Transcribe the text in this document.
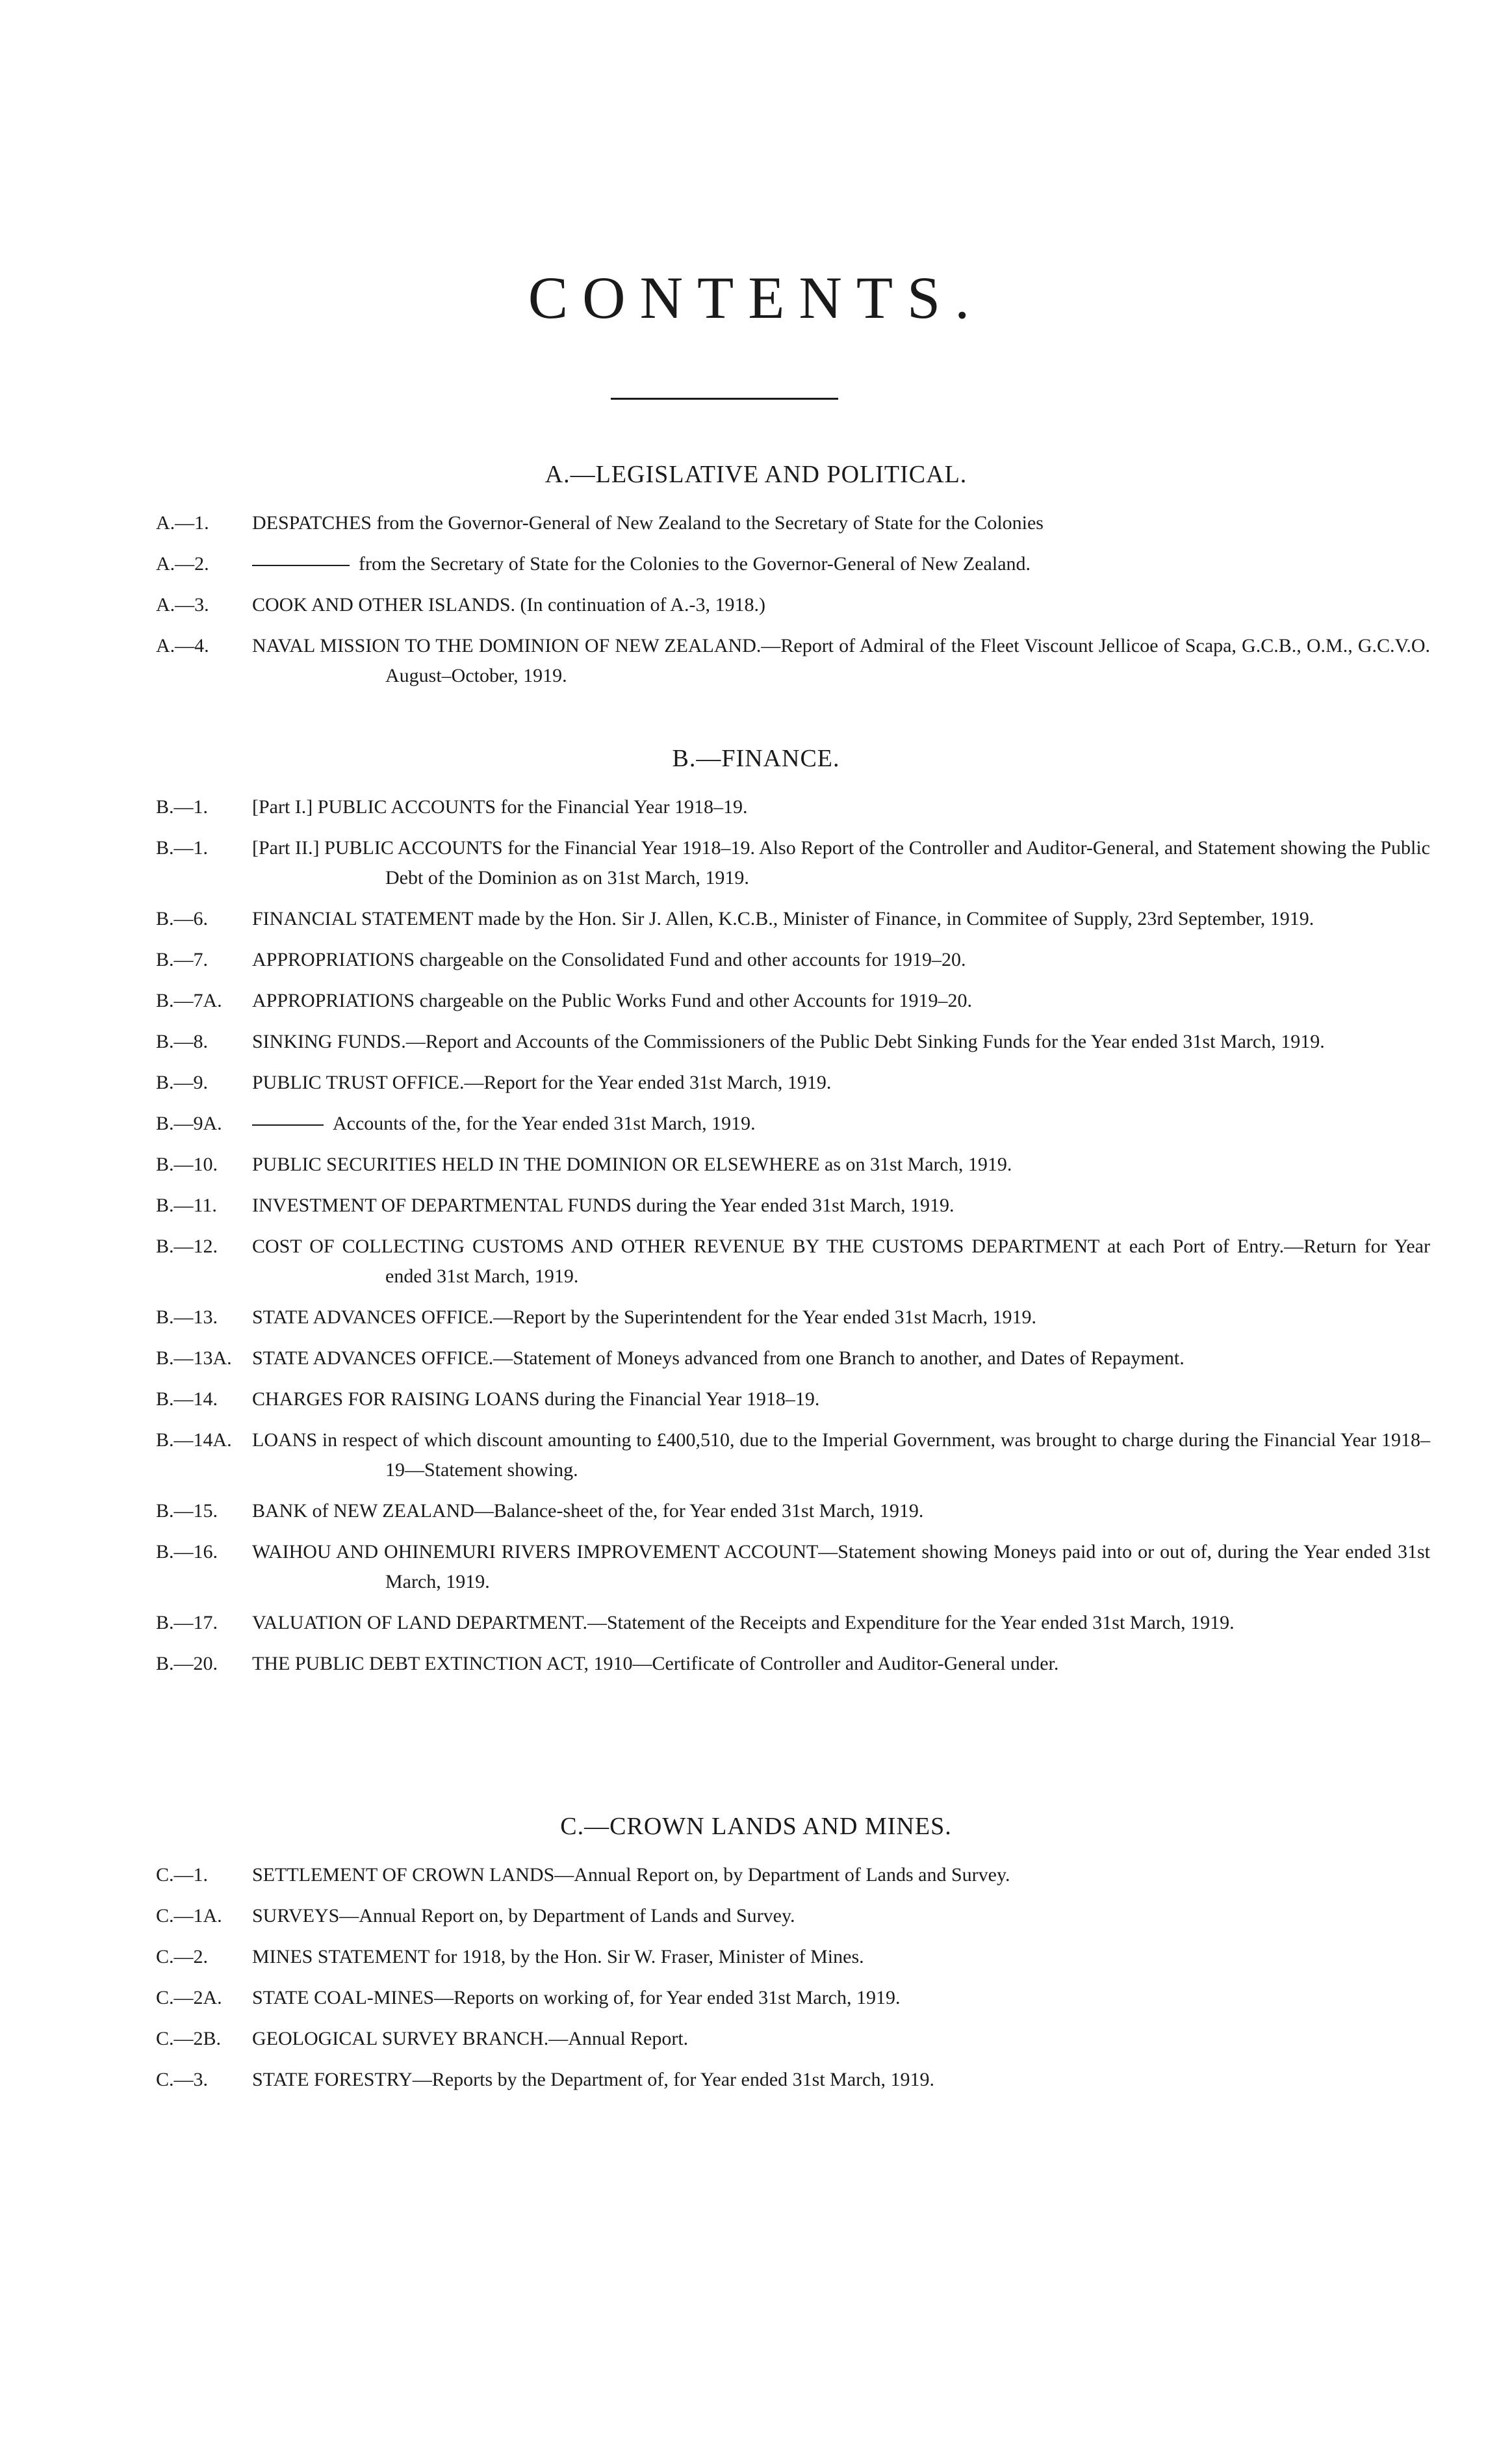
CONTENTS.
A.—LEGISLATIVE AND POLITICAL.
A.—1.	DESPATCHES from the Governor-General of New Zealand to the Secretary of State for the Colonies
A.—2.	from the Secretary of State for the Colonies to the Governor-General of New Zealand.
A.—3.	COOK AND OTHER ISLANDS. (In continuation of A.-3, 1918.)
A.—4.	NAVAL MISSION TO THE DOMINION OF NEW ZEALAND.—Report of Admiral of the Fleet Viscount Jellicoe of Scapa, G.C.B., O.M., G.C.V.O. August–October, 1919.
B.—FINANCE.
B.—1.	[Part I.] PUBLIC ACCOUNTS for the Financial Year 1918–19.
B.—1.	[Part II.] PUBLIC ACCOUNTS for the Financial Year 1918–19. Also Report of the Controller and Auditor-General, and Statement showing the Public Debt of the Dominion as on 31st March, 1919.
B.—6.	FINANCIAL STATEMENT made by the Hon. Sir J. Allen, K.C.B., Minister of Finance, in Commitee of Supply, 23rd September, 1919.
B.—7.	APPROPRIATIONS chargeable on the Consolidated Fund and other accounts for 1919–20.
B.—7A.	APPROPRIATIONS chargeable on the Public Works Fund and other Accounts for 1919–20.
B.—8.	SINKING FUNDS.—Report and Accounts of the Commissioners of the Public Debt Sinking Funds for the Year ended 31st March, 1919.
B.—9.	PUBLIC TRUST OFFICE.—Report for the Year ended 31st March, 1919.
B.—9A.	Accounts of the, for the Year ended 31st March, 1919.
B.—10.	PUBLIC SECURITIES HELD IN THE DOMINION OR ELSEWHERE as on 31st March, 1919.
B.—11.	INVESTMENT OF DEPARTMENTAL FUNDS during the Year ended 31st March, 1919.
B.—12.	COST OF COLLECTING CUSTOMS AND OTHER REVENUE BY THE CUSTOMS DEPARTMENT at each Port of Entry.—Return for Year ended 31st March, 1919.
B.—13.	STATE ADVANCES OFFICE.—Report by the Superintendent for the Year ended 31st Macrh, 1919.
B.—13A.	STATE ADVANCES OFFICE.—Statement of Moneys advanced from one Branch to another, and Dates of Repayment.
B.—14.	CHARGES FOR RAISING LOANS during the Financial Year 1918–19.
B.—14A.	LOANS in respect of which discount amounting to £400,510, due to the Imperial Government, was brought to charge during the Financial Year 1918–19—Statement showing.
B.—15.	BANK of NEW ZEALAND—Balance-sheet of the, for Year ended 31st March, 1919.
B.—16.	WAIHOU AND OHINEMURI RIVERS IMPROVEMENT ACCOUNT—Statement showing Moneys paid into or out of, during the Year ended 31st March, 1919.
B.—17.	VALUATION OF LAND DEPARTMENT.—Statement of the Receipts and Expenditure for the Year ended 31st March, 1919.
B.—20.	THE PUBLIC DEBT EXTINCTION ACT, 1910—Certificate of Controller and Auditor-General under.
C.—CROWN LANDS AND MINES.
C.—1.	SETTLEMENT OF CROWN LANDS—Annual Report on, by Department of Lands and Survey.
C.—1A.	SURVEYS—Annual Report on, by Department of Lands and Survey.
C.—2.	MINES STATEMENT for 1918, by the Hon. Sir W. Fraser, Minister of Mines.
C.—2A.	STATE COAL-MINES—Reports on working of, for Year ended 31st March, 1919.
C.—2B.	GEOLOGICAL SURVEY BRANCH.—Annual Report.
C.—3.	STATE FORESTRY—Reports by the Department of, for Year ended 31st March, 1919.
